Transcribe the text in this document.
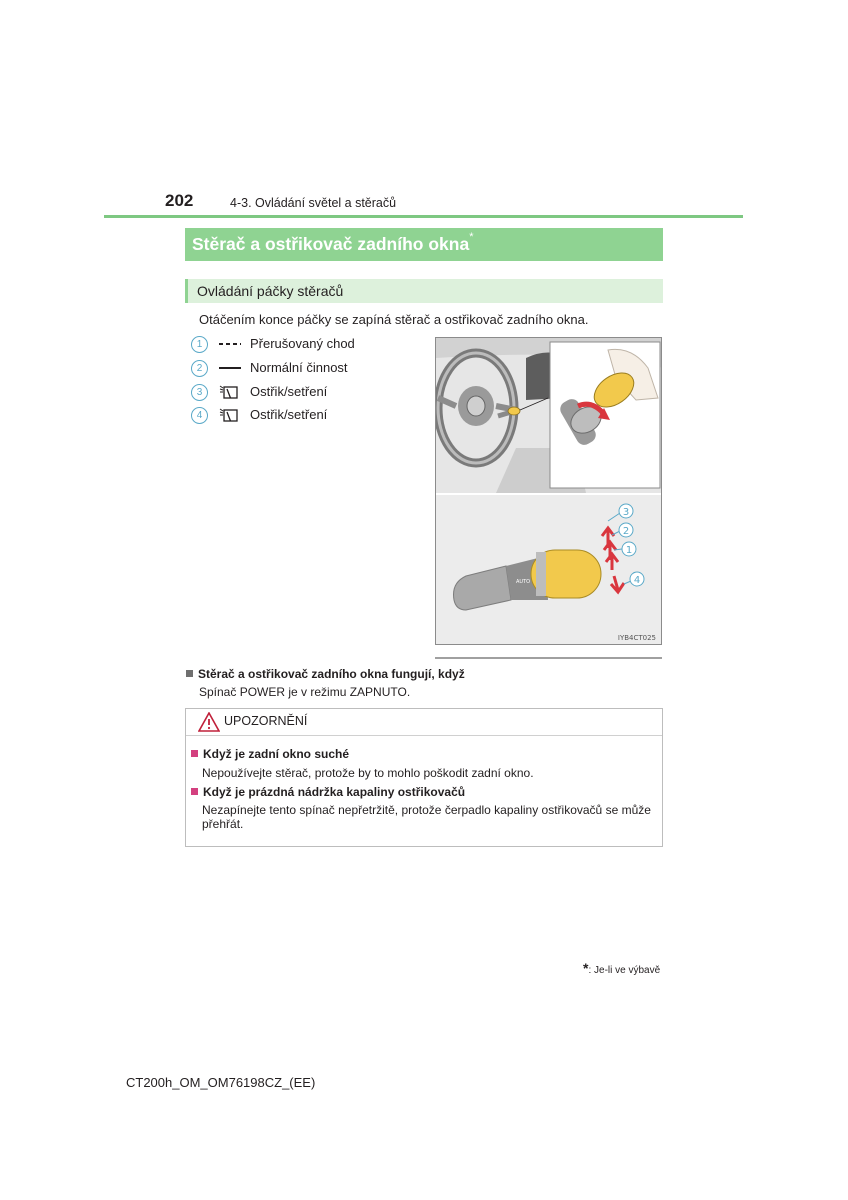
202	4-3. Ovládání světel a stěračů
Stěrač a ostřikovač zadního okna*
Ovládání páčky stěračů
Otáčením konce páčky se zapíná stěrač a ostřikovač zadního okna.
1	Přerušovaný chod
2	Normální činnost
3	Ostřik/setření
4	Ostřik/setření
AUTO
3
2
1
4
IYB4CT025
Stěrač a ostřikovač zadního okna fungují, když
Spínač POWER je v režimu ZAPNUTO.
UPOZORNĚNÍ
Když je zadní okno suché
Nepoužívejte stěrač, protože by to mohlo poškodit zadní okno.
Když je prázdná nádržka kapaliny ostřikovačů
Nezapínejte tento spínač nepřetržitě, protože čerpadlo kapaliny ostřikovačů se může přehřát.
*: Je-li ve výbavě
CT200h_OM_OM76198CZ_(EE)
